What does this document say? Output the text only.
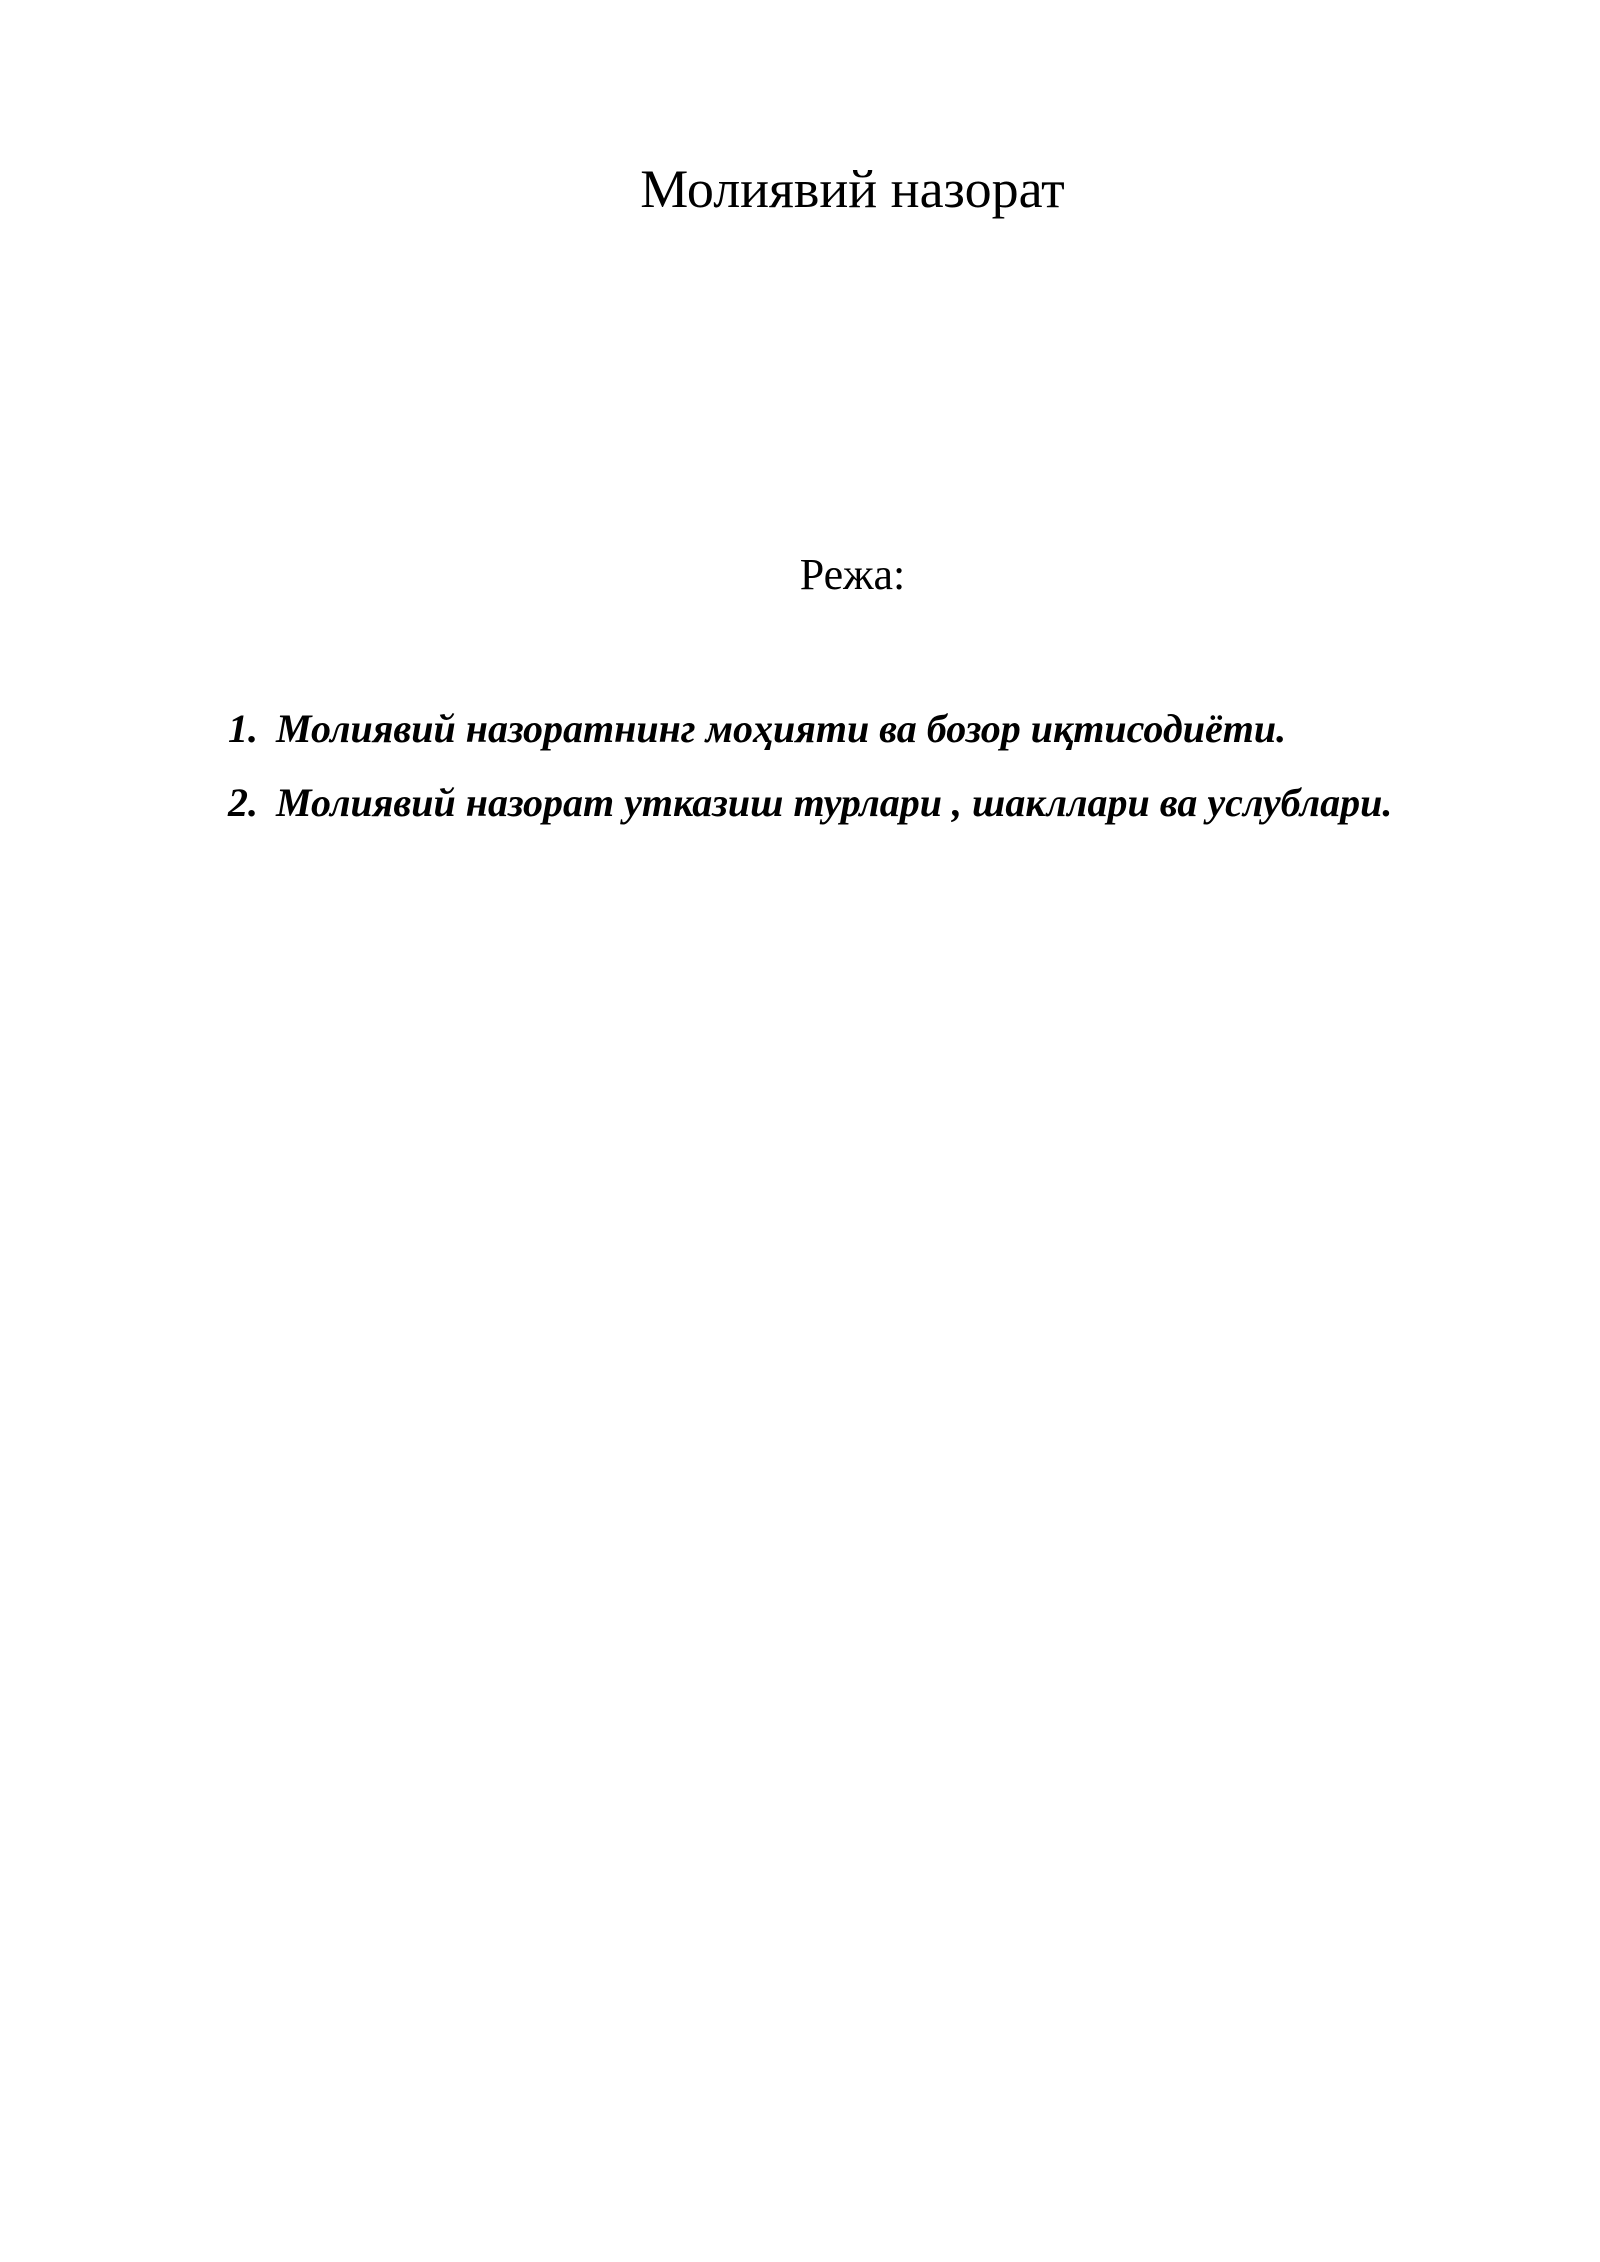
Молиявий назорат
Режа:
1. Молиявий назоратнинг моҳияти ва бозор иқтисодиёти.
2. Молиявий назорат утказиш турлари , шакллари ва услублари.
